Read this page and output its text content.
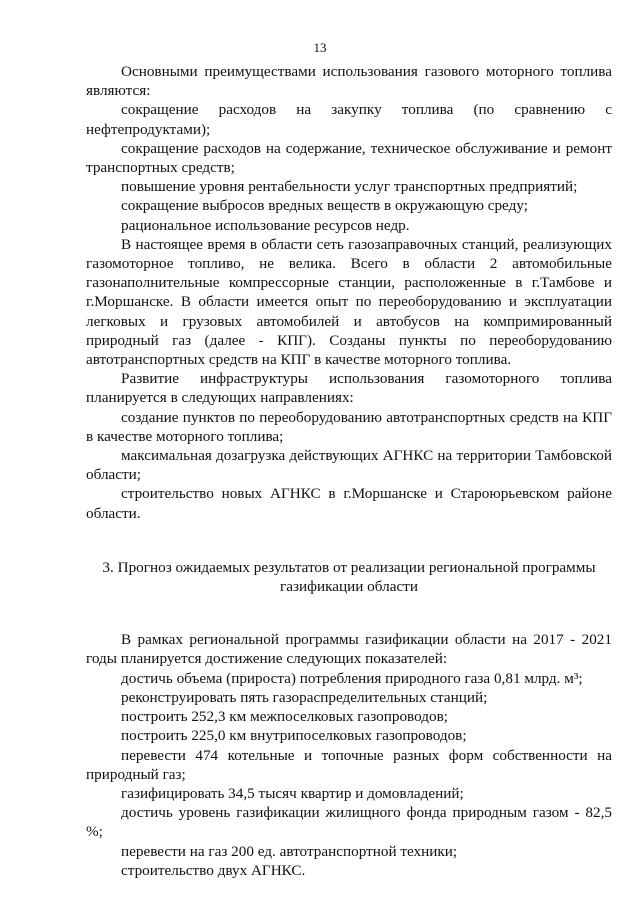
13

Основными преимуществами использования газового моторного топлива являются:

сокращение расходов на закупку топлива (по сравнению с нефтепродуктами);

сокращение расходов на содержание, техническое обслуживание и ремонт транспортных средств;

повышение уровня рентабельности услуг транспортных предприятий;

сокращение выбросов вредных веществ в окружающую среду;

рациональное использование ресурсов недр.

В настоящее время в области сеть газозаправочных станций, реализующих газомоторное топливо, не велика. Всего в области 2 автомобильные газонаполнительные компрессорные станции, расположенные в г.Тамбове и г.Моршанске. В области имеется опыт по переоборудованию и эксплуатации легковых и грузовых автомобилей и автобусов на компримированный природный газ (далее - КПГ). Созданы пункты по переоборудованию автотранспортных средств на КПГ в качестве моторного топлива.

Развитие инфраструктуры использования газомоторного топлива планируется в следующих направлениях:

создание пунктов по переоборудованию автотранспортных средств на КПГ в качестве моторного топлива;

максимальная дозагрузка действующих АГНКС на территории Тамбовской области;

строительство новых АГНКС в г.Моршанске и Староюрьевском районе области.

3. Прогноз ожидаемых результатов от реализации региональной программы
газификации области

В рамках региональной программы газификации области на 2017 - 2021 годы планируется достижение следующих показателей:

достичь объема (прироста) потребления природного газа 0,81 млрд. м³;

реконструировать пять газораспределительных станций;

построить 252,3 км межпоселковых газопроводов;

построить 225,0 км внутрипоселковых газопроводов;

перевести 474 котельные и топочные разных форм собственности на природный газ;

газифицировать 34,5 тысяч квартир и домовладений;

достичь уровень газификации жилищного фонда природным газом - 82,5 %;

перевести на газ 200 ед. автотранспортной техники;

строительство двух АГНКС.
